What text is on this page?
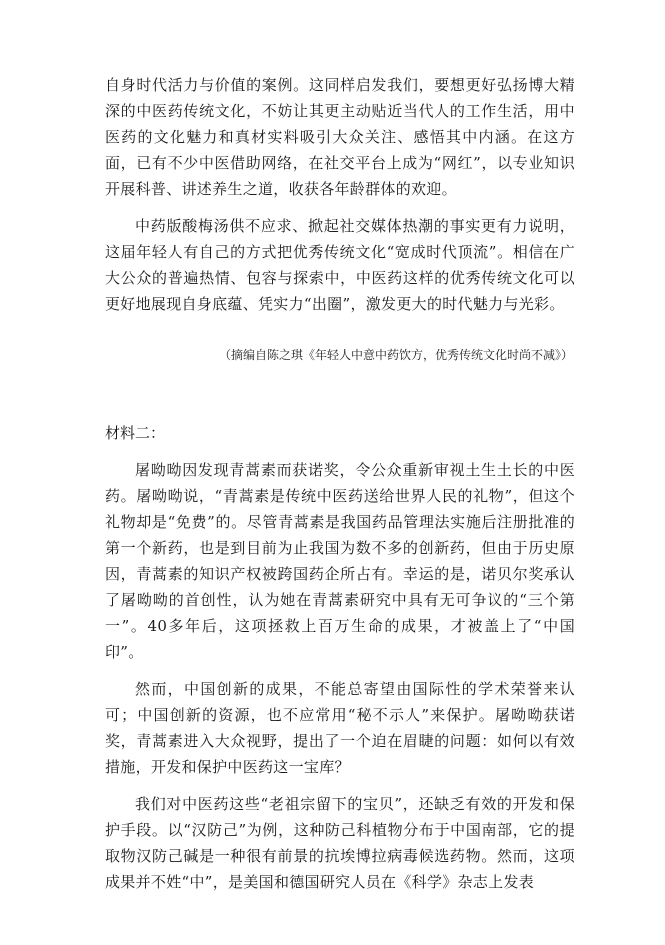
自身时代活力与价值的案例。这同样启发我们，要想更好弘扬博大精深的中医药传统文化，不妨让其更主动贴近当代人的工作生活，用中医药的文化魅力和真材实料吸引大众关注、感悟其中内涵。在这方面，已有不少中医借助网络，在社交平台上成为“网红”，以专业知识开展科普、讲述养生之道，收获各年龄群体的欢迎。

中药版酸梅汤供不应求、掀起社交媒体热潮的事实更有力说明，这届年轻人有自己的方式把优秀传统文化“宽成时代顶流”。相信在广大公众的普遍热情、包容与探索中，中医药这样的优秀传统文化可以更好地展现自身底蕴、凭实力“出圈”，激发更大的时代魅力与光彩。

（摘编自陈之琪《年轻人中意中药饮方，优秀传统文化时尚不减》）
材料二：

屠呦呦因发现青蒿素而获诺奖，令公众重新审视土生土长的中医药。屠呦呦说，“青蒿素是传统中医药送给世界人民的礼物”，但这个礼物却是“免费”的。尽管青蒿素是我国药品管理法实施后注册批准的第一个新药，也是到目前为止我国为数不多的创新药，但由于历史原因，青蒿素的知识产权被跨国药企所占有。幸运的是，诺贝尔奖承认了屠呦呦的首创性，认为她在青蒿素研究中具有无可争议的“三个第一”。40多年后，这项拯救上百万生命的成果，才被盖上了“中国印”。

然而，中国创新的成果，不能总寄望由国际性的学术荣誉来认可；中国创新的资源，也不应常用“秘不示人”来保护。屠呦呦获诺奖，青蒿素进入大众视野，提出了一个迫在眉睫的问题：如何以有效措施，开发和保护中医药这一宝库？

我们对中医药这些“老祖宗留下的宝贝”，还缺乏有效的开发和保护手段。以“汉防己”为例，这种防己科植物分布于中国南部，它的提取物汉防己碱是一种很有前景的抗埃博拉病毒候选药物。然而，这项成果并不姓“中”，是美国和德国研究人员在《科学》杂志上发表
